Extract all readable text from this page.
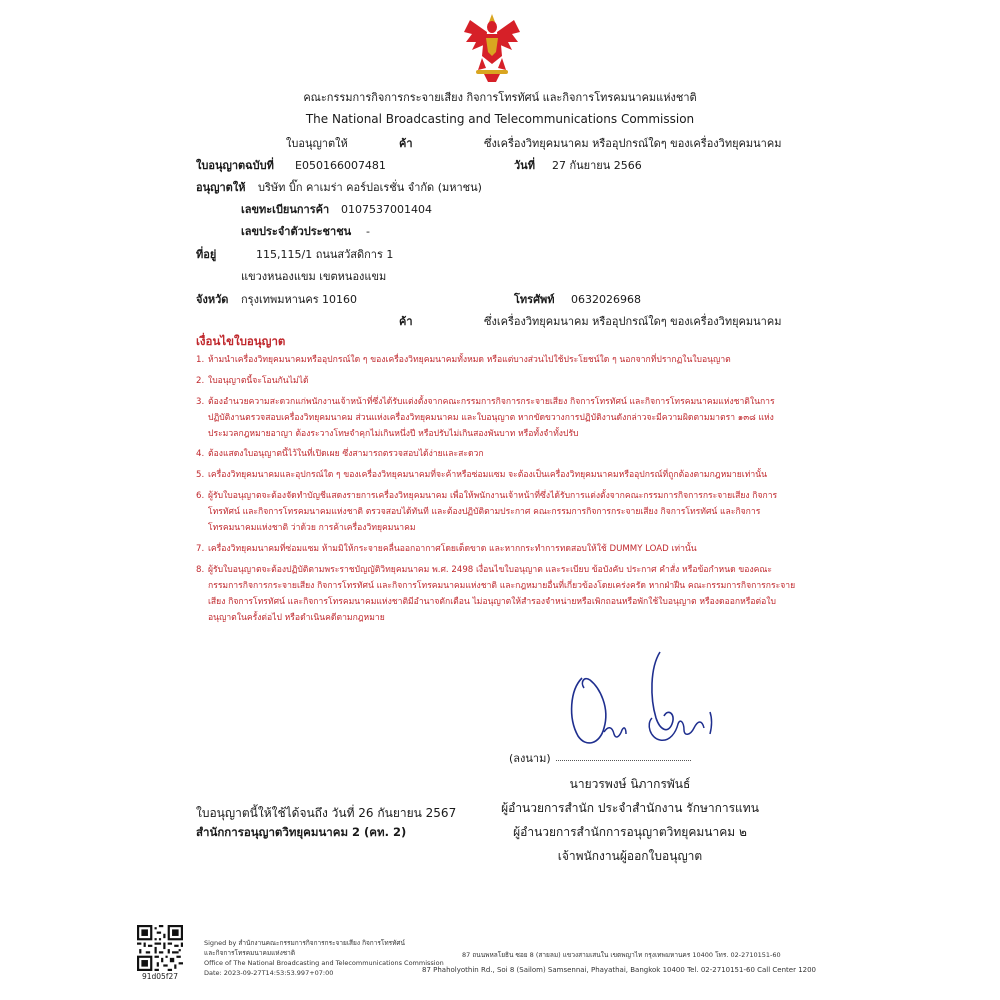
คณะกรรมการกิจการกระจายเสียง กิจการโทรทัศน์ และกิจการโทรคมนาคมแห่งชาติ
The National Broadcasting and Telecommunications Commission
ใบอนุญาตให้	ค้า	ซึ่งเครื่องวิทยุคมนาคม หรืออุปกรณ์ใดๆ ของเครื่องวิทยุคมนาคม
ใบอนุญาตฉบับที่ E050166007481	วันที่ 27 กันยายน 2566
อนุญาตให้ บริษัท บิ๊ก คาเมร่า คอร์ปอเรชั่น จำกัด (มหาชน)
เลขทะเบียนการค้า 0107537001404
เลขประจำตัวประชาชน -
ที่อยู่	115,115/1 ถนนสวัสดิการ 1
แขวงหนองแขม เขตหนองแขม
จังหวัด กรุงเทพมหานคร 10160	โทรศัพท์ 0632026968
ค้า	ซึ่งเครื่องวิทยุคมนาคม หรืออุปกรณ์ใดๆ ของเครื่องวิทยุคมนาคม
เงื่อนไขใบอนุญาต
1. ห้ามนำเครื่องวิทยุคมนาคมหรืออุปกรณ์ใด ๆ ของเครื่องวิทยุคมนาคมทั้งหมด หรือแต่บางส่วนไปใช้ประโยชน์ใด ๆ นอกจากที่ปรากฏในใบอนุญาต
2. ใบอนุญาตนี้จะโอนกันไม่ได้
3. ต้องอำนวยความสะดวกแก่พนักงานเจ้าหน้าที่ซึ่งได้รับแต่งตั้งจากคณะกรรมการกิจการกระจายเสียง กิจการโทรทัศน์ และกิจการโทรคมนาคมแห่งชาติในการปฏิบัติงานตรวจสอบเครื่องวิทยุคมนาคม ส่วนแห่งเครื่องวิทยุคมนาคม และใบอนุญาต หากขัดขวางการปฏิบัติงานดังกล่าวจะมีความผิดตามมาตรา ๑๓๘ แห่งประมวลกฎหมายอาญา ต้องระวางโทษจำคุกไม่เกินหนึ่งปี หรือปรับไม่เกินสองพันบาท หรือทั้งจำทั้งปรับ
4. ต้องแสดงใบอนุญาตนี้ไว้ในที่เปิดเผย ซึ่งสามารถตรวจสอบได้ง่ายและสะดวก
5. เครื่องวิทยุคมนาคมและอุปกรณ์ใด ๆ ของเครื่องวิทยุคมนาคมที่จะค้าหรือซ่อมแซม จะต้องเป็นเครื่องวิทยุคมนาคมหรืออุปกรณ์ที่ถูกต้องตามกฎหมายเท่านั้น
6. ผู้รับใบอนุญาตจะต้องจัดทำบัญชีแสดงรายการเครื่องวิทยุคมนาคม เพื่อให้พนักงานเจ้าหน้าที่ซึ่งได้รับการแต่งตั้งจากคณะกรรมการกิจการกระจายเสียง กิจการโทรทัศน์ และกิจการโทรคมนาคมแห่งชาติ ตรวจสอบได้ทันที และต้องปฏิบัติตามประกาศ คณะกรรมการกิจการกระจายเสียง กิจการโทรทัศน์ และกิจการโทรคมนาคมแห่งชาติ ว่าด้วย การค้าเครื่องวิทยุคมนาคม
7. เครื่องวิทยุคมนาคมที่ซ่อมแซม ห้ามมิให้กระจายคลื่นออกอากาศโดยเด็ดขาด และหากกระทำการทดสอบให้ใช้ DUMMY LOAD เท่านั้น
8. ผู้รับใบอนุญาตจะต้องปฏิบัติตามพระราชบัญญัติวิทยุคมนาคม พ.ศ. 2498 เงื่อนไขใบอนุญาต และระเบียบ ข้อบังคับ ประกาศ คำสั่ง หรือข้อกำหนด ของคณะกรรมการกิจการกระจายเสียง กิจการโทรทัศน์ และกิจการโทรคมนาคมแห่งชาติ และกฎหมายอื่นที่เกี่ยวข้องโดยเคร่งครัด หากฝ่าฝืน คณะกรรมการกิจการกระจายเสียง กิจการโทรทัศน์ และกิจการโทรคมนาคมแห่งชาติมีอำนาจตักเตือน ไม่อนุญาตให้สำรองจำหน่ายหรือเพิกถอนหรือพักใช้ใบอนุญาต หรืองดออกหรือต่อใบอนุญาตในครั้งต่อไป หรือดำเนินคดีตามกฎหมาย
(ลงนาม)
นายวรพงษ์ นิภากรพันธ์
ผู้อำนวยการสำนัก ประจำสำนักงาน รักษาการแทน
ผู้อำนวยการสำนักการอนุญาตวิทยุคมนาคม ๒
เจ้าพนักงานผู้ออกใบอนุญาต
ใบอนุญาตนี้ให้ใช้ได้จนถึง วันที่ 26 กันยายน 2567
สำนักการอนุญาตวิทยุคมนาคม 2 (คท. 2)
91d05f27
Signed by สำนักงานคณะกรรมการกิจการกระจายเสียง กิจการโทรทัศน์
และกิจการโทรคมนาคมแห่งชาติ
Office of The National Broadcasting and Telecommunications Commission
Date: 2023-09-27T14:53:53.997+07:00
87 ถนนพหลโยธิน ซอย 8 (สายลม) แขวงสามเสนใน เขตพญาไท กรุงเทพมหานคร 10400 โทร. 02-2710151-60
87 Phaholyothin Rd., Soi 8 (Sailom) Samsennai, Phayathai, Bangkok 10400 Tel. 02-2710151-60 Call Center 1200
